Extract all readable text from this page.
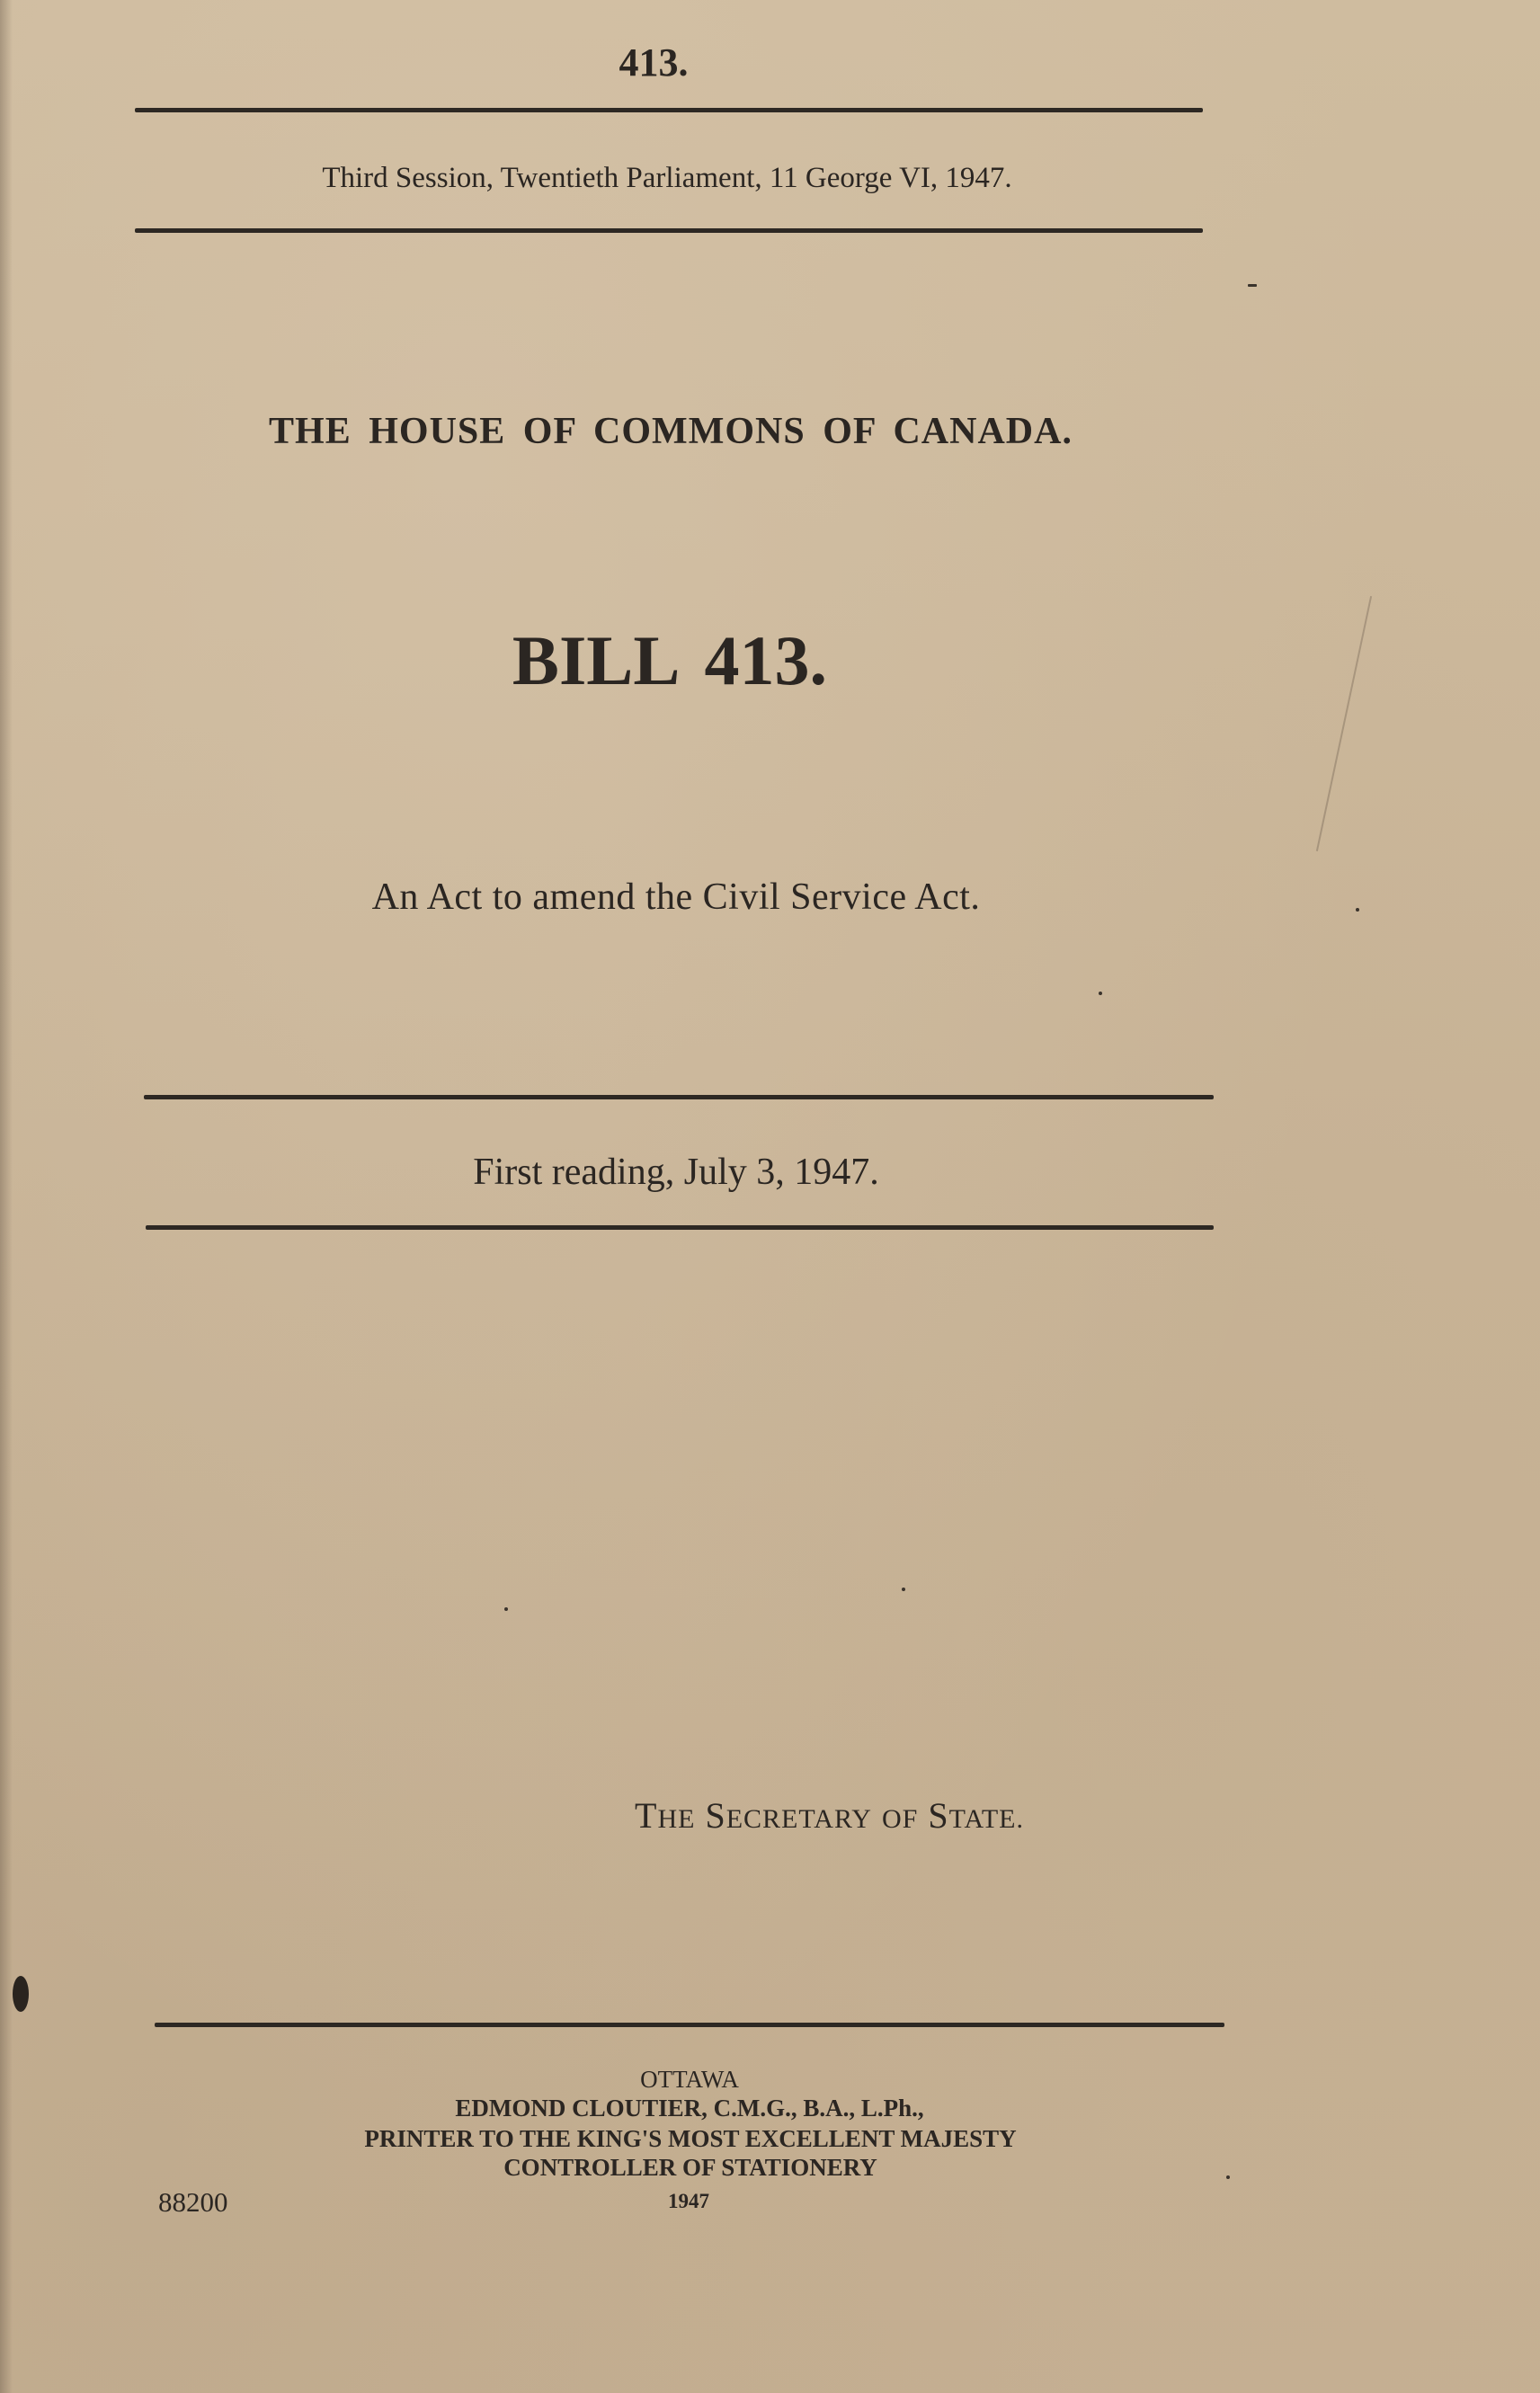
413.
Third Session, Twentieth Parliament, 11 George VI, 1947.
THE HOUSE OF COMMONS OF CANADA.
BILL 413.
An Act to amend the Civil Service Act.
First reading, July 3, 1947.
THE SECRETARY OF STATE.
OTTAWA
EDMOND CLOUTIER, C.M.G., B.A., L.Ph.,
PRINTER TO THE KING'S MOST EXCELLENT MAJESTY
CONTROLLER OF STATIONERY
1947
88200
